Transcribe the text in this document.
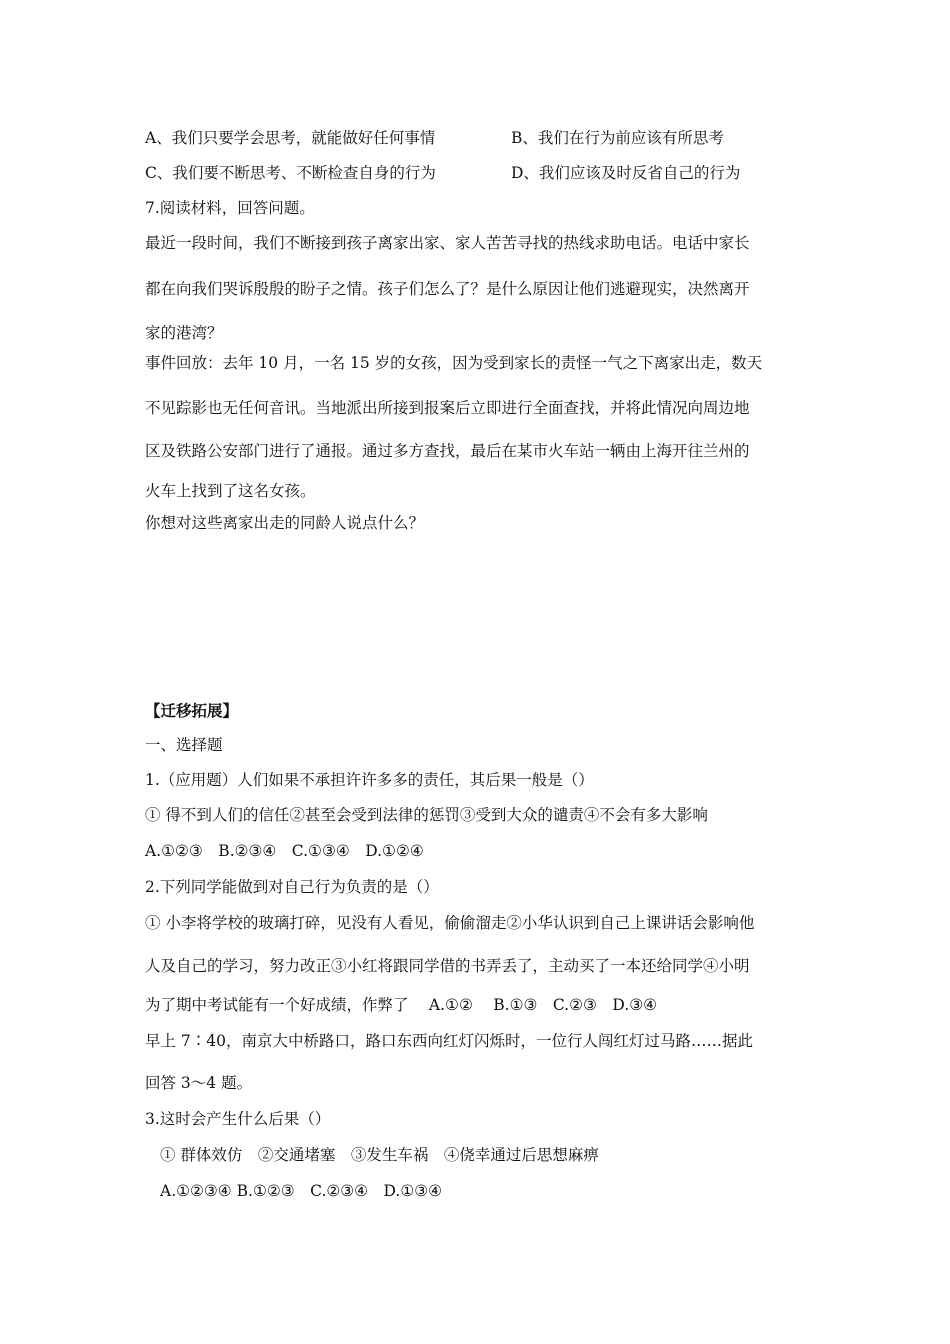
A、我们只要学会思考，就能做好任何事情	B、我们在行为前应该有所思考
C、我们要不断思考、不断检查自身的行为	D、我们应该及时反省自己的行为
7.阅读材料，回答问题。
最近一段时间，我们不断接到孩子离家出家、家人苦苦寻找的热线求助电话。电话中家长
都在向我们哭诉殷殷的盼子之情。孩子们怎么了？是什么原因让他们逃避现实，决然离开
家的港湾？
事件回放：去年 10 月，一名 15 岁的女孩，因为受到家长的责怪一气之下离家出走，数天
不见踪影也无任何音讯。当地派出所接到报案后立即进行全面查找，并将此情况向周边地
区及铁路公安部门进行了通报。通过多方查找，最后在某市火车站一辆由上海开往兰州的
火车上找到了这名女孩。
你想对这些离家出走的同龄人说点什么？
【迁移拓展】
一、选择题
1.（应用题）人们如果不承担许许多多的责任，其后果一般是（）
① 得不到人们的信任②甚至会受到法律的惩罚③受到大众的谴责④不会有多大影响
A.①②③　B.②③④　C.①③④　D.①②④
2.下列同学能做到对自己行为负责的是（）
① 小李将学校的玻璃打碎，见没有人看见，偷偷溜走②小华认识到自己上课讲话会影响他
人及自己的学习，努力改正③小红将跟同学借的书弄丢了，主动买了一本还给同学④小明
为了期中考试能有一个好成绩，作弊了　 A.①②　 B.①③　C.②③　D.③④
早上 7∶40，南京大中桥路口，路口东西向红灯闪烁时，一位行人闯红灯过马路……据此
回答 3～4 题。
3.这时会产生什么后果（）
① 群体效仿　②交通堵塞　③发生车祸　④侥幸通过后思想麻痹
A.①②③④ B.①②③　C.②③④　D.①③④
